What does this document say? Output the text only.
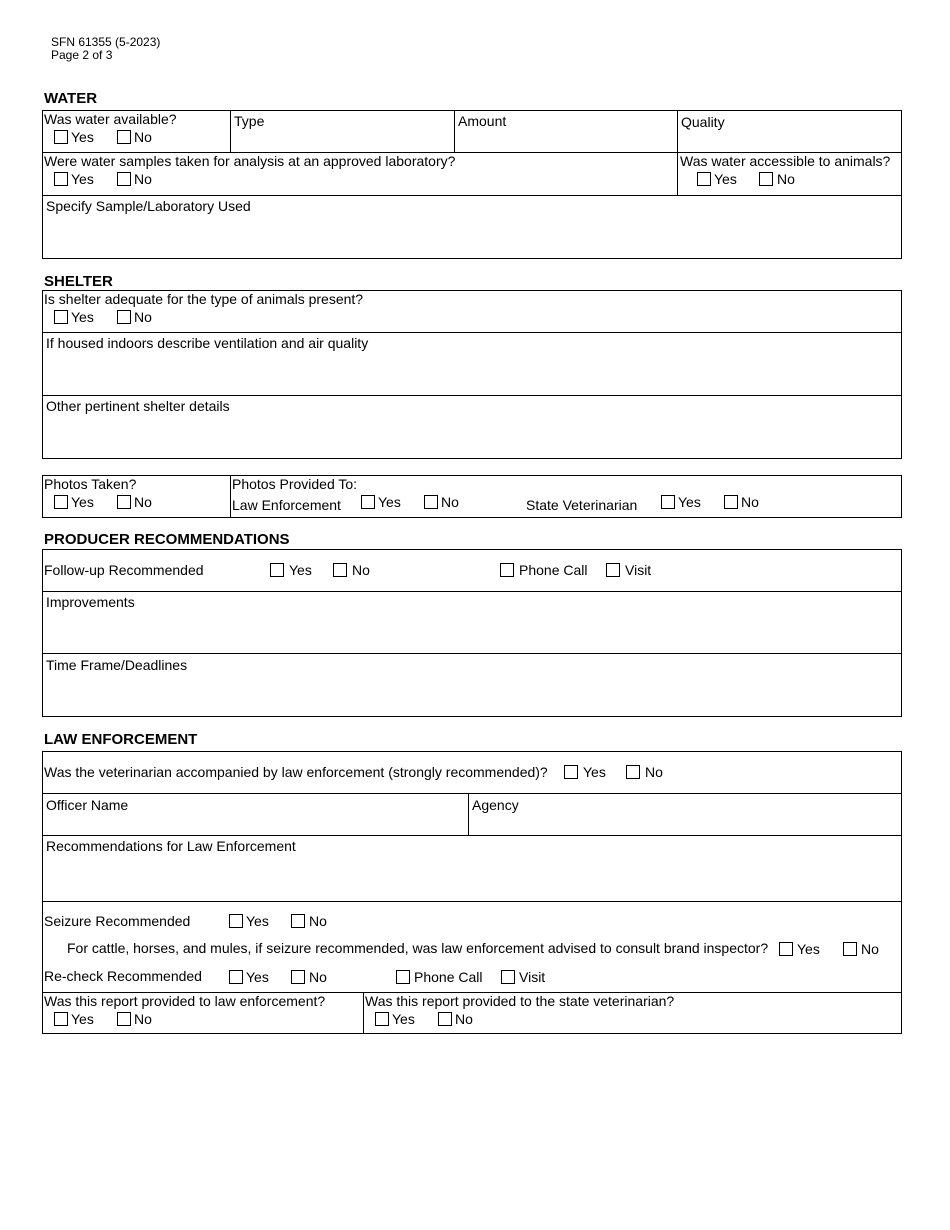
SFN 61355 (5-2023)
Page 2 of 3
WATER
Was water available?
Yes	No
Type	Amount	Quality
Were water samples taken for analysis at an approved laboratory?
Yes	No
Was water accessible to animals?
Yes	No
Specify Sample/Laboratory Used
SHELTER
Is shelter adequate for the type of animals present?
Yes	No
If housed indoors describe ventilation and air quality
Other pertinent shelter details
Photos Taken?
Yes	No
Photos Provided To:
Law Enforcement	Yes	No	State Veterinarian	Yes	No
PRODUCER RECOMMENDATIONS
Follow-up Recommended	Yes	No	Phone Call	Visit
Improvements
Time Frame/Deadlines
LAW ENFORCEMENT
Was the veterinarian accompanied by law enforcement (strongly recommended)?	Yes	No
Officer Name	Agency
Recommendations for Law Enforcement
Seizure Recommended	Yes	No
For cattle, horses, and mules, if seizure recommended, was law enforcement advised to consult brand inspector? Yes	No
Re-check Recommended	Yes	No	Phone Call	Visit
Was this report provided to law enforcement?
Yes	No
Was this report provided to the state veterinarian?
Yes	No
